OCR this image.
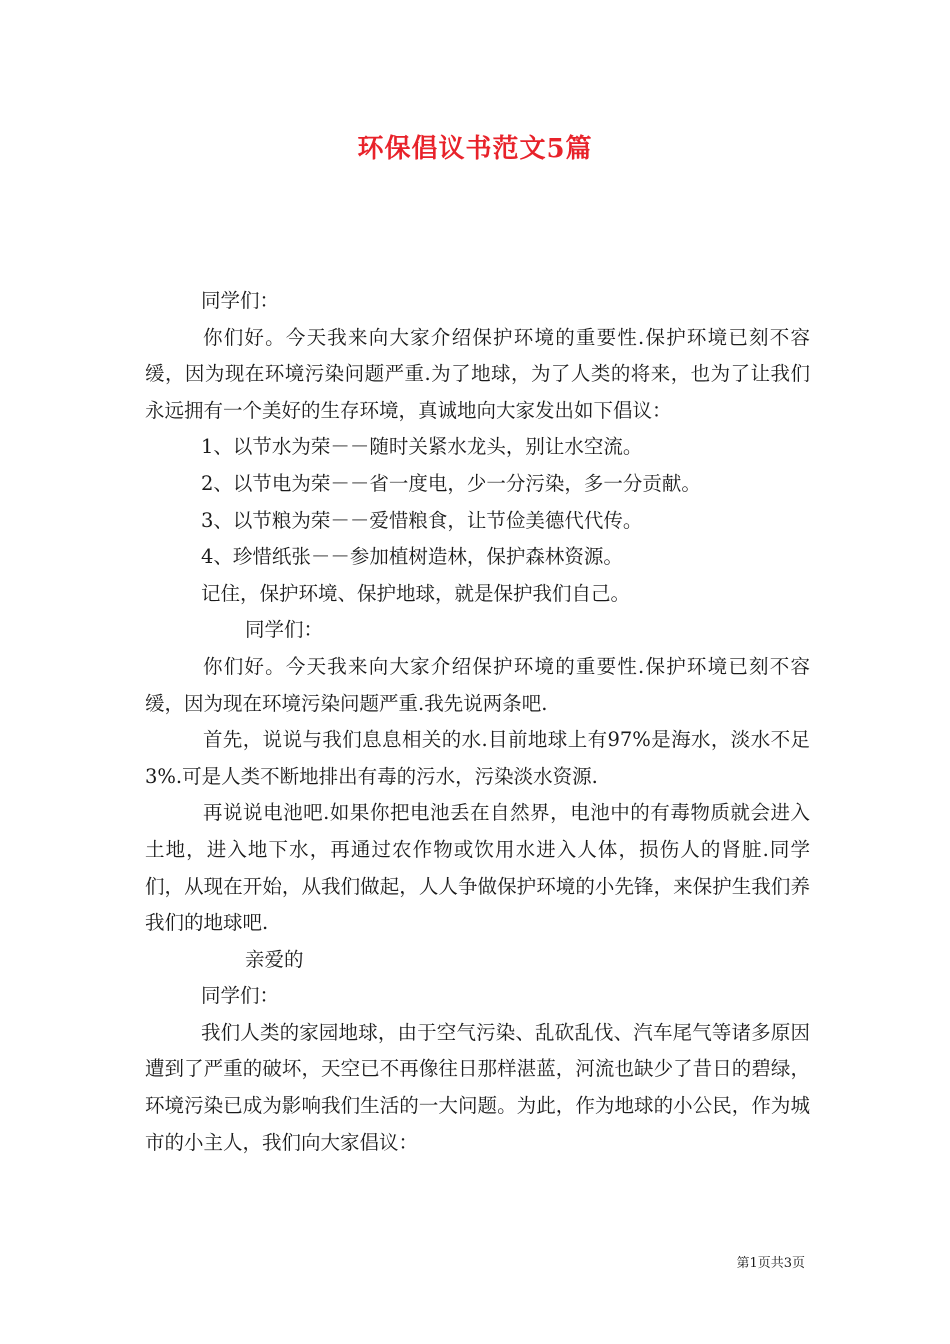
环保倡议书范文5篇

同学们：

你们好。今天我来向大家介绍保护环境的重要性.保护环境已刻不容缓，因为现在环境污染问题严重.为了地球，为了人类的将来，也为了让我们永远拥有一个美好的生存环境，真诚地向大家发出如下倡议：

1、以节水为荣－－随时关紧水龙头，别让水空流。

2、以节电为荣－－省一度电，少一分污染，多一分贡献。

3、以节粮为荣－－爱惜粮食，让节俭美德代代传。

4、珍惜纸张－－参加植树造林，保护森林资源。

记住，保护环境、保护地球，就是保护我们自己。

同学们：

你们好。今天我来向大家介绍保护环境的重要性.保护环境已刻不容缓，因为现在环境污染问题严重.我先说两条吧.

首先，说说与我们息息相关的水.目前地球上有97%是海水，淡水不足3%.可是人类不断地排出有毒的污水，污染淡水资源.

再说说电池吧.如果你把电池丢在自然界，电池中的有毒物质就会进入土地，进入地下水，再通过农作物或饮用水进入人体，损伤人的肾脏.同学们，从现在开始，从我们做起，人人争做保护环境的小先锋，来保护生我们养我们的地球吧.

亲爱的

同学们：

我们人类的家园地球，由于空气污染、乱砍乱伐、汽车尾气等诸多原因遭到了严重的破坏，天空已不再像往日那样湛蓝，河流也缺少了昔日的碧绿，环境污染已成为影响我们生活的一大问题。为此，作为地球的小公民，作为城市的小主人，我们向大家倡议：

第1页共3页
